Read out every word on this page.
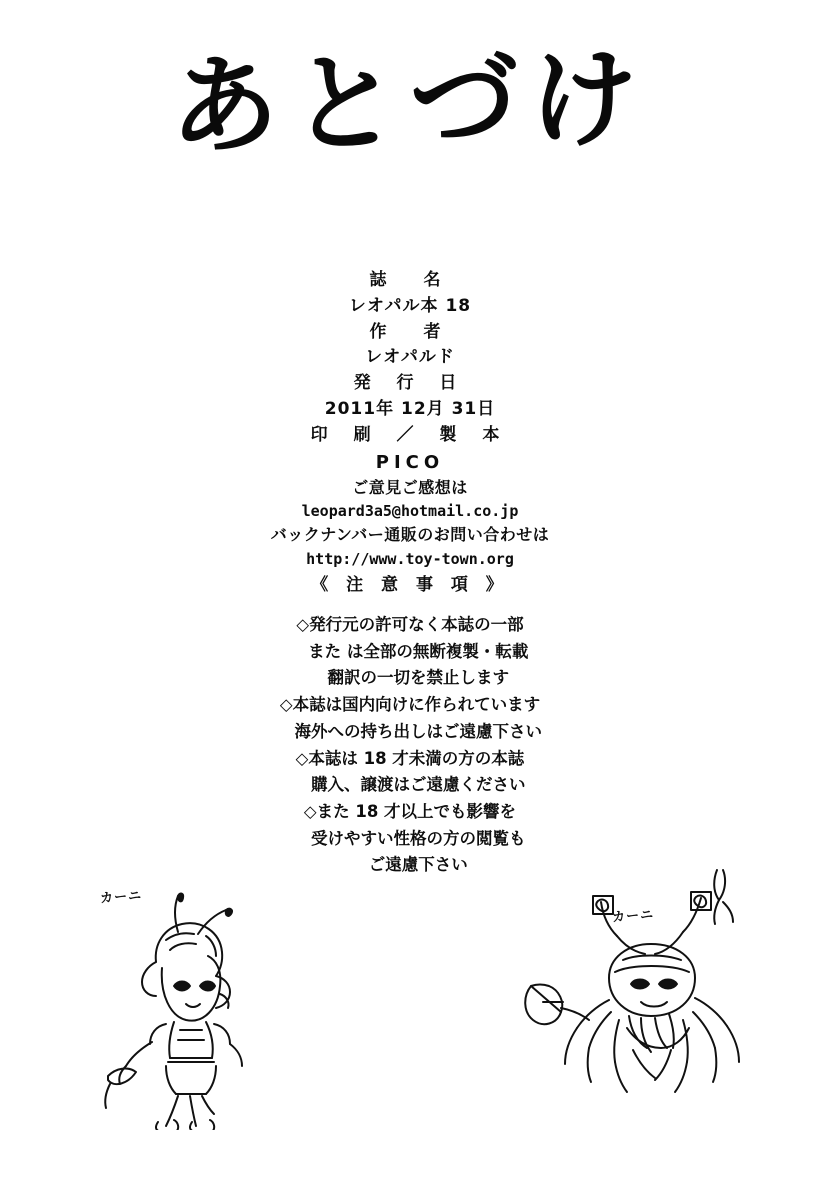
あとづけ
誌　名
レオパル本 18
作　者
レオパルド
発 行 日
2011年 12月 31日
印 刷 ／ 製 本
PICO
ご意見ご感想は
leopard3a5@hotmail.co.jp
バックナンバー通販のお問い合わせは
http://www.toy-town.org
《 注 意 事 項 》
◇発行元の許可なく本誌の一部
　また は全部の無断複製・転載
　翻訳の一切を禁止します
◇本誌は国内向けに作られています
　海外への持ち出しはご遠慮下さい
◇本誌は 18 才未満の方の本誌
　購入、譲渡はご遠慮ください
◇また 18 才以上でも影響を
　受けやすい性格の方の閲覧も
　ご遠慮下さい
カーニ
カーニ
